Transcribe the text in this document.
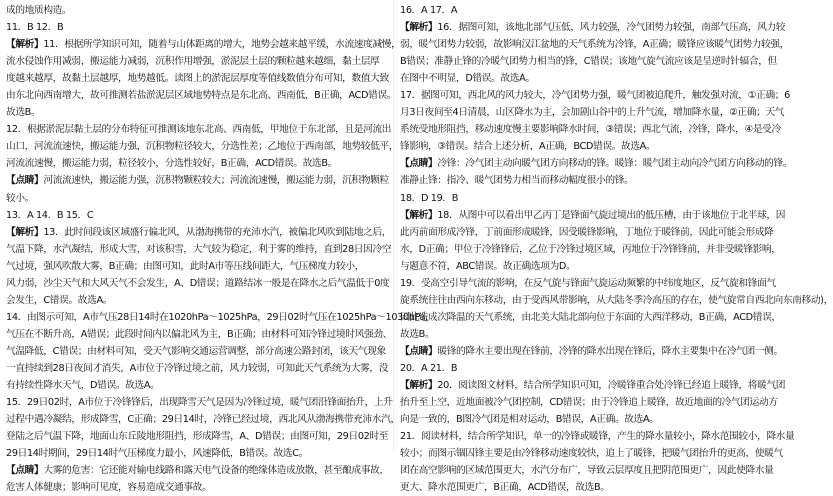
成的地质构造。
11．B 12．B
【解析】11．根据所学知识可知，随着与山体距离的增大，地势会越来越平缓，水流速度减慢，
流水侵蚀作用减弱，搬运能力减弱，沉积作用增强，淤泥层土层的颗粒越来越细，黏土层厚
度越来越厚，故黏土层越厚，地势越低。读图上的淤泥层厚度等值线数值分布可知，数值大致
由东北向西南增大，故可推测若盐淤泥层区域地势特点是东北高、西南低，B正确，ACD错误。
故选B。
12．根据淤泥层黏土层的分布特征可推测该地东北高、西南低，甲地位于东北部，且是河流出
山口，河流流速快，搬运能力强，沉积物粒径较大，分选性差；乙地位于西南部，地势较低平，
河流流速慢，搬运能力弱，粒径较小，分选性较好，B正确，ACD错误。故选B。
【点睛】河流流速快，搬运能力强，沉积物颗粒较大；河流流速慢，搬运能力弱，沉积物颗粒
较小。
13．A 14．B 15．C
【解析】13．此时间段该区域盛行偏北风，从渤海携带的充沛水汽，被偏北风吹到陆地之后，
气温下降，水汽凝结，形成大雪，对该积雪，大气较为稳定，利于雾的维持，直到28日因冷空
气过境，强风吹散大雾，B正确；由图可知，此时A市等压线间距大，气压梯度力较小，
风力弱，沙尘天气和大风天气不会发生，A、D错误；道路结冰一般是在降水之后气温低于0度
会发生，C错误。故选A。
14．由图示可知，A市气压28日14时在1020hPa～1025hPa，29日02时气压在1025hPa～1030hPa，
气压在不断升高，A错误；此段时间内以偏北风为主，B正确；由材料可知冷锋过境时风强劲、
气温降低，C错误；由材料可知，受天气影响交通运营调整，部分高速公路封闭，该天气现象
一直持续到28日夜间才消失，A市位于冷锋过境之前，风力较弱，可知此天气系统为大雾，没
有持续性降水天气，D错误。故选A。
15．29日02时，A市位于冷锋锋后，出现降雪天气是因为冷锋过境，暖气团沿锋面抬升，上升
过程中遇冷凝结，形成降雪，C正确；29日14时，冷锋已经过境，西北风从渤海携带充沛水汽，
登陆之后气温下降，地面山东丘陵地形阻挡，形成降雪，A、D错误；由图可知，29日02时至
29日14时期间，29日14时气压梯度力最小，风速降低，B错误。故选C。
【点睛】大雾的危害：它还能对输电线路和露天电气设备的绝缘体造成放散，甚至酿成事故，
危害人体健康；影响可见度，容易造成交通事故。
16．A 17．A
【解析】16．据图可知，该地北部气压低，风力较强，冷气团势力较强，南部气压高，风力较
弱，暖气团势力较弱，故影响汉江盆地的天气系统为冷锋，A正确；暖锋应该暖气团势力较强，
B错误；准静止锋的冷暖气团势力相当的锋，C错误；该地气旋气流应该是呈逆时针辐合，但
在图中不明显，D错误。故选A。
17．据图可知，西北风的风力较大，冷气团势力强，暖气团被迫爬升，触发强对流，①正确；6
月3日夜间至4日清晨，山区降水为主，会加剧山谷中的上升气流，增加降水量，②正确；天气
系统受地形阻挡，移动速度慢主要影响降水时间，③错误；西北气流，冷锋，降水，④是受冷
锋影响，③错误。结合上述分析，A正确，BCD错误。故选A。
【点睛】冷锋：冷气团主动向暖气团方向移动的锋。暖锋：暖气团主动向冷气团方向移动的锋。
准静止锋：指冷、暖气团势力相当而移动幅度很小的锋。
18．D 19．B
【解析】18．从图中可以看出甲乙丙丁是锋面气旋过境出的低压槽，由于该地位于北半球，因
此丙前面形成冷锋，丁前面形成暖锋，因受暖锋影响，丁地位于暖锋前，因此可能会形成降
水，D正确；甲位于冷锋锋后，乙位于冷锋过境区域，丙地位于冷锋锋前，并非受暖锋影响，
与题意不符，ABC错误。故正确选项为D。
19．受高空引导气流的影响，在反气旋与锋面气旋运动频繁的中纬度地区，反气旋和锋面气
旋系统往往由西向东移动，由于受西风带影响，从大陆冬季冷高压的存在，使气旋常自西北向东南移动)，
因此造成次降温的天气系统，由北美大陆北部向位于东面的大西洋移动，B正确，ACD错误，
故选B。
【点睛】暖锋的降水主要出现在锋前，冷锋的降水出现在锋后，降水主要集中在冷气团一侧。
20．A 21．B
【解析】20．阅读图文材料，结合所学知识可知，冷暖锋重合处冷锋已经追上暖锋，将暖气团
抬升至上空，近地面被冷气团控制，CD错误；由于冷锋追上暖锋，故近地面的冷气团运动方
向是一致的，B图冷气团是相对运动，B错误，A正确。故选A。
21．阅读材料，结合所学知识，单一的冷锋或暖锋，产生的降水量较小，降水范围较小，降水量
较小；而图示锢囚锋主要是由冷锋移动速度较快，追上了暖锋，把暖气团抬升的更高，使暖气
团在高空影响的区域范围更大，水汽分布广，导致云层厚度且把阴范围更广，因此使降水量
更大、降水范围更广，B正确，ACD错误，故选B。
